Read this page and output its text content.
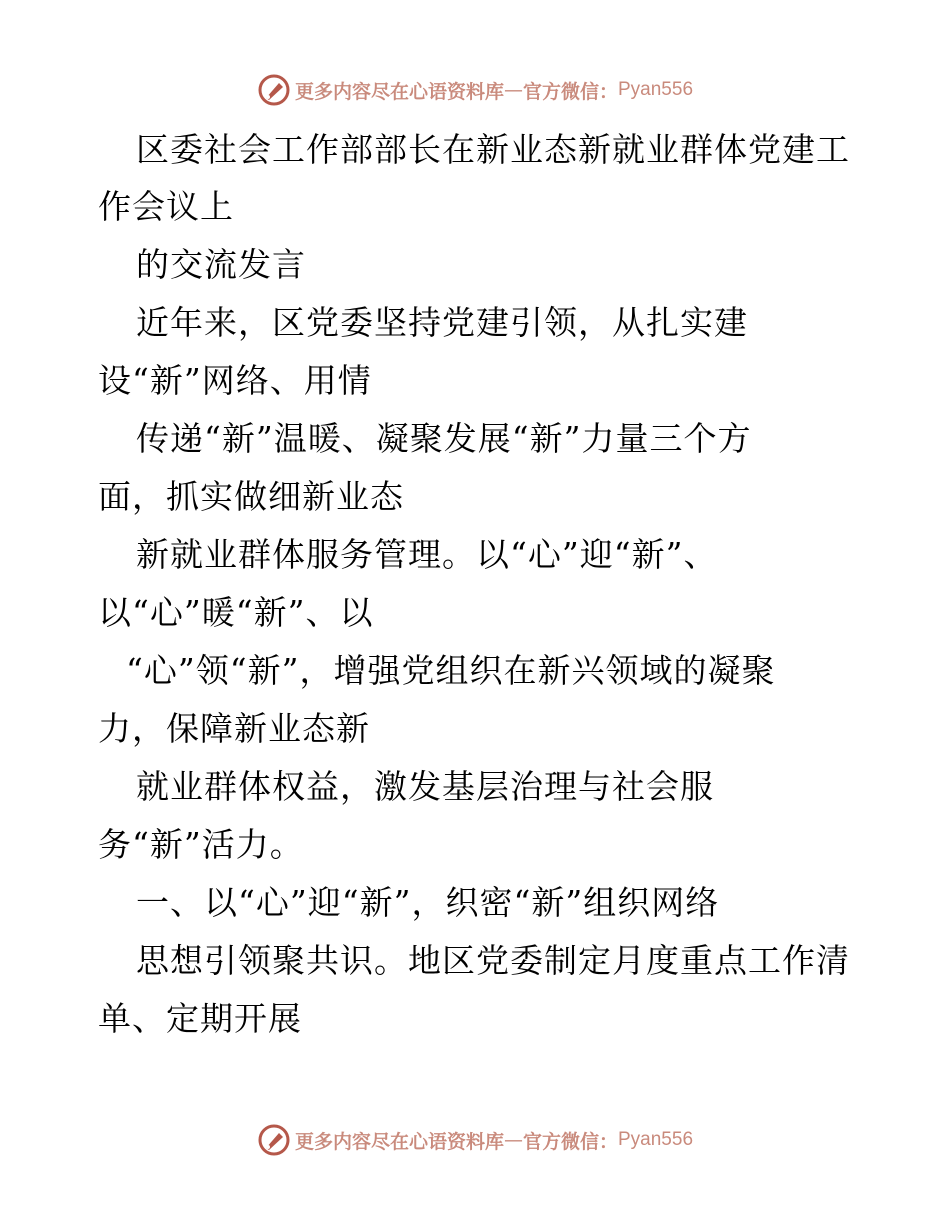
更多内容尽在心语资料库 — 官方微信： Pyan556
区委社会工作部部长在新业态新就业群体党建工
作会议上
的交流发言
近年来，区党委坚持党建引领，从扎实建
设“新”网络、用情
传递“新”温暖、凝聚发展“新”力量三个方
面，抓实做细新业态
新就业群体服务管理。以“心”迎“新”、
以“心”暖“新”、以
“心”领“新”，增强党组织在新兴领域的凝聚
力，保障新业态新
就业群体权益，激发基层治理与社会服
务“新”活力。
一、以“心”迎“新”，织密“新”组织网络
思想引领聚共识。地区党委制定月度重点工作清
单、定期开展
更多内容尽在心语资料库 — 官方微信： Pyan556
